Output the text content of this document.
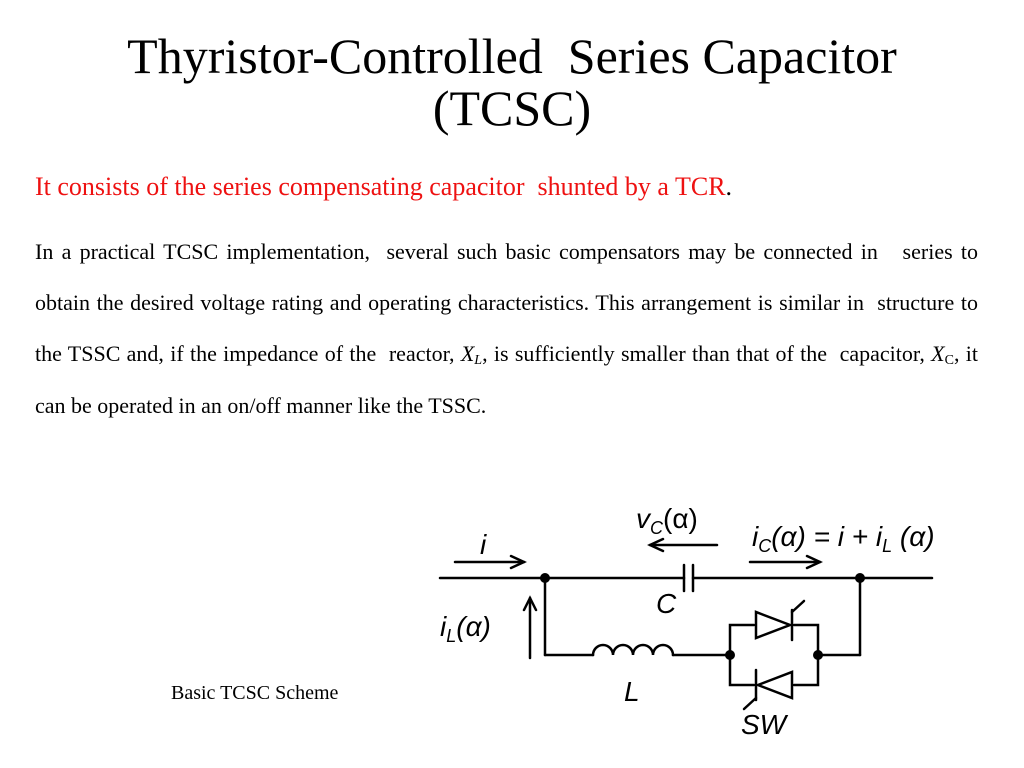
Thyristor-Controlled  Series Capacitor
(TCSC)
It consists of the series compensating capacitor  shunted by a TCR.
In a practical TCSC implementation,  several such basic compensators may be connected in   series to obtain the desired voltage rating and operating characteristics. This arrangement is similar in  structure to the TSSC and, if the impedance of the  reactor, $X_L$, is sufficiently smaller than that of the  capacitor, $X_C$, it can be operated in an on/off manner like the TSSC.
Basic TCSC Scheme
i
$v_C(\alpha)$
$i_C(\alpha) = i + i_L$ (α)
$i_L(\alpha)$
C
L
SW
